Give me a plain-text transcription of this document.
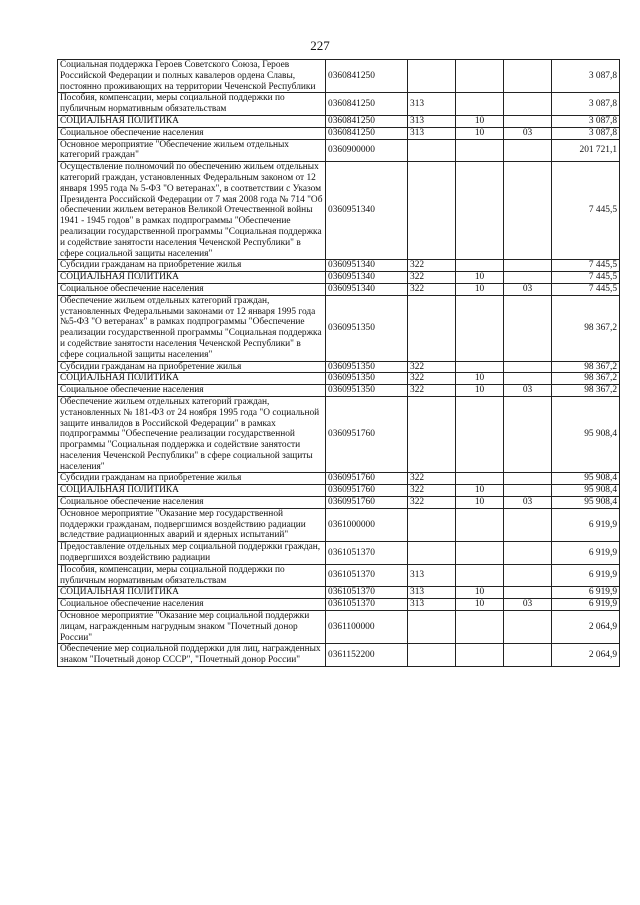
227
Социальная поддержка Героев Советского Союза, Героев Российской Федерации и полных кавалеров ордена Славы, постоянно проживающих на территории Чеченской Республики	0360841250				3 087,8
Пособия, компенсации, меры социальной поддержки по публичным нормативным обязательствам	0360841250	313			3 087,8
СОЦИАЛЬНАЯ ПОЛИТИКА	0360841250	313	10		3 087,8
Социальное обеспечение населения	0360841250	313	10	03	3 087,8
Основное мероприятие "Обеспечение жильем отдельных категорий граждан"	0360900000				201 721,1
Осуществление полномочий по обеспечению жильем отдельных категорий граждан, установленных Федеральным законом от 12 января 1995 года № 5-ФЗ "О ветеранах", в соответствии с Указом Президента Российской Федерации от 7 мая 2008 года № 714 "Об обеспечении жильем ветеранов Великой Отечественной войны 1941 - 1945 годов" в рамках подпрограммы "Обеспечение реализации государственной программы "Социальная поддержка и содействие занятости населения Чеченской Республики" в сфере социальной защиты населения"	0360951340				7 445,5
Субсидии гражданам на приобретение жилья	0360951340	322			7 445,5
СОЦИАЛЬНАЯ ПОЛИТИКА	0360951340	322	10		7 445,5
Социальное обеспечение населения	0360951340	322	10	03	7 445,5
Обеспечение жильем отдельных категорий граждан, установленных Федеральными законами от 12 января 1995 года №5-ФЗ "О ветеранах" в рамках подпрограммы "Обеспечение реализации государственной программы "Социальная поддержка и содействие занятости населения Чеченской Республики" в сфере социальной защиты населения"	0360951350				98 367,2
Субсидии гражданам на приобретение жилья	0360951350	322			98 367,2
СОЦИАЛЬНАЯ ПОЛИТИКА	0360951350	322	10		98 367,2
Социальное обеспечение населения	0360951350	322	10	03	98 367,2
Обеспечение жильем отдельных категорий граждан, установленных № 181-ФЗ от 24 ноября 1995 года "О социальной защите инвалидов в Российской Федерации" в рамках подпрограммы "Обеспечение реализации государственной программы "Социальная поддержка и содействие занятости населения Чеченской Республики" в сфере социальной защиты населения"	0360951760				95 908,4
Субсидии гражданам на приобретение жилья	0360951760	322			95 908,4
СОЦИАЛЬНАЯ ПОЛИТИКА	0360951760	322	10		95 908,4
Социальное обеспечение населения	0360951760	322	10	03	95 908,4
Основное мероприятие "Оказание мер государственной поддержки гражданам, подвергшимся воздействию радиации вследствие радиационных аварий и ядерных испытаний"	0361000000				6 919,9
Предоставление отдельных мер социальной поддержки граждан, подвергшихся воздействию радиации	0361051370				6 919,9
Пособия, компенсации, меры социальной поддержки по публичным нормативным обязательствам	0361051370	313			6 919,9
СОЦИАЛЬНАЯ ПОЛИТИКА	0361051370	313	10		6 919,9
Социальное обеспечение населения	0361051370	313	10	03	6 919,9
Основное мероприятие "Оказание мер социальной поддержки лицам, награжденным нагрудным знаком "Почетный донор России"	0361100000				2 064,9
Обеспечение мер социальной поддержки для лиц, награжденных знаком "Почетный донор СССР", "Почетный донор России"	0361152200				2 064,9
